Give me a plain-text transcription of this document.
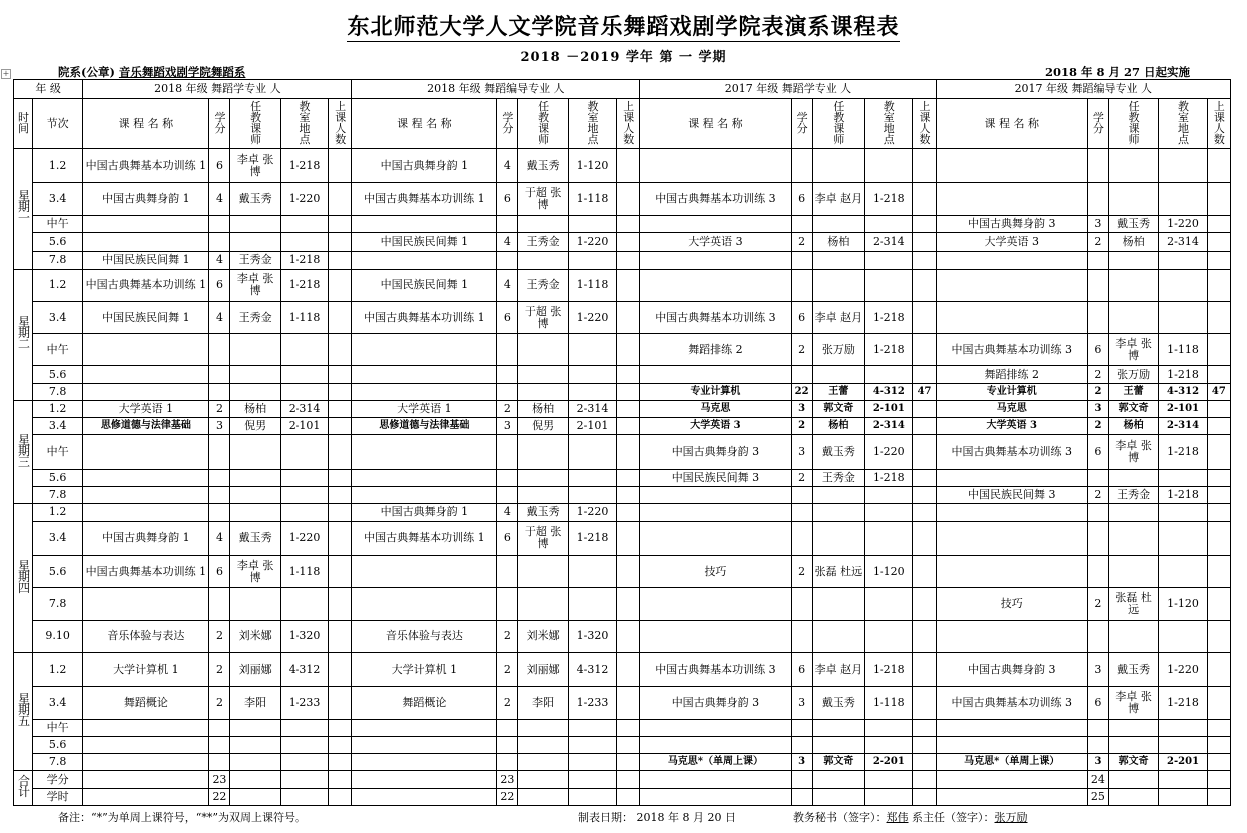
+
东北师范大学人文学院音乐舞蹈戏剧学院表演系课程表
2018 －2019 学年 第 一 学期
院系(公章) 音乐舞蹈戏剧学院舞蹈系	2018 年 8 月 27 日起实施
年 级		2018 年级 舞蹈学专业 人					2018 年级 舞蹈编导专业 人					2017 年级 舞蹈学专业 人					2017 年级 舞蹈编导专业 人				
时间	节次	课 程 名 称	学分	任 教 课 师	教室 地点	上 课 人 数	课 程 名 称	学分	任 教 课 师	教室 地点	上 课 人 数	课 程 名 称	学分	任 教 课 师	教室 地点	上 课 人 数	课 程 名 称	学分	任 教 课 师	教室 地点	上 课 人 数
星 期 一	1.2	中国古典舞基本功训练 1	6	李卓 张博	1-218		中国古典舞身韵 1	4	戴玉秀	1-120											
	3.4	中国古典舞身韵 1	4	戴玉秀	1-220		中国古典舞基本功训练 1	6	于超 张博	1-118		中国古典舞基本功训练 3	6	李卓 赵月	1-218						
	中午																中国古典舞身韵 3	3	戴玉秀	1-220	
	5.6						中国民族民间舞 1	4	王秀金	1-220		大学英语 3	2	杨柏	2-314		大学英语 3	2	杨柏	2-314	
	7.8	中国民族民间舞 1	4	王秀金	1-218																
星 期 二	1.2	中国古典舞基本功训练 1	6	李卓 张博	1-218		中国民族民间舞 1	4	王秀金	1-118											
	3.4	中国民族民间舞 1	4	王秀金	1-118		中国古典舞基本功训练 1	6	于超 张博	1-220		中国古典舞基本功训练 3	6	李卓 赵月	1-218						
	中午											舞蹈排练 2	2	张万励	1-218		中国古典舞基本功训练 3	6	李卓 张博	1-118	
	5.6																舞蹈排练 2	2	张万励	1-218	
	7.8											专业计算机	22	王蕾	4-312	47	专业计算机	2	王蕾	4-312	47
星 期 三	1.2	大学英语 1	2	杨柏	2-314		大学英语 1	2	杨柏	2-314		马克思	3	郭文奇	2-101		马克思	3	郭文奇	2-101	
	3.4	思修道德与法律基础	3	倪男	2-101		思修道德与法律基础	3	倪男	2-101		大学英语 3	2	杨柏	2-314		大学英语 3	2	杨柏	2-314	
	中午											中国古典舞身韵 3	3	戴玉秀	1-220		中国古典舞基本功训练 3	6	李卓 张博	1-218	
	5.6											中国民族民间舞 3	2	王秀金	1-218						
	7.8																中国民族民间舞 3	2	王秀金	1-218	
星 期 四	1.2						中国古典舞身韵 1	4	戴玉秀	1-220											
	3.4	中国古典舞身韵 1	4	戴玉秀	1-220		中国古典舞基本功训练 1	6	于超 张博	1-218											
	5.6	中国古典舞基本功训练 1	6	李卓 张博	1-118							技巧	2	张磊 杜远	1-120						
	7.8																技巧	2	张磊 杜远	1-120	
	9.10	音乐体验与表达	2	刘米娜	1-320		音乐体验与表达	2	刘米娜	1-320											
星 期 五	1.2	大学计算机 1	2	刘丽娜	4-312		大学计算机 1	2	刘丽娜	4-312		中国古典舞基本功训练 3	6	李卓 赵月	1-218		中国古典舞身韵 3	3	戴玉秀	1-220	
	3.4	舞蹈概论	2	李阳	1-233		舞蹈概论	2	李阳	1-233		中国古典舞身韵 3	3	戴玉秀	1-118		中国古典舞基本功训练 3	6	李卓 张博	1-218	
	中午																				
	5.6																				
	7.8											马克思*（单周上课）	3	郭文奇	2-201		马克思*（单周上课）	3	郭文奇	2-201	
合 计	学分		23					23										24			
	学时		22					22										25			
备注：“*”为单周上课符号，“**”为双周上课符号。	制表日期： 2018 年 8 月 20 日	教务秘书（签字）：郑伟 系主任（签字）：张万励
